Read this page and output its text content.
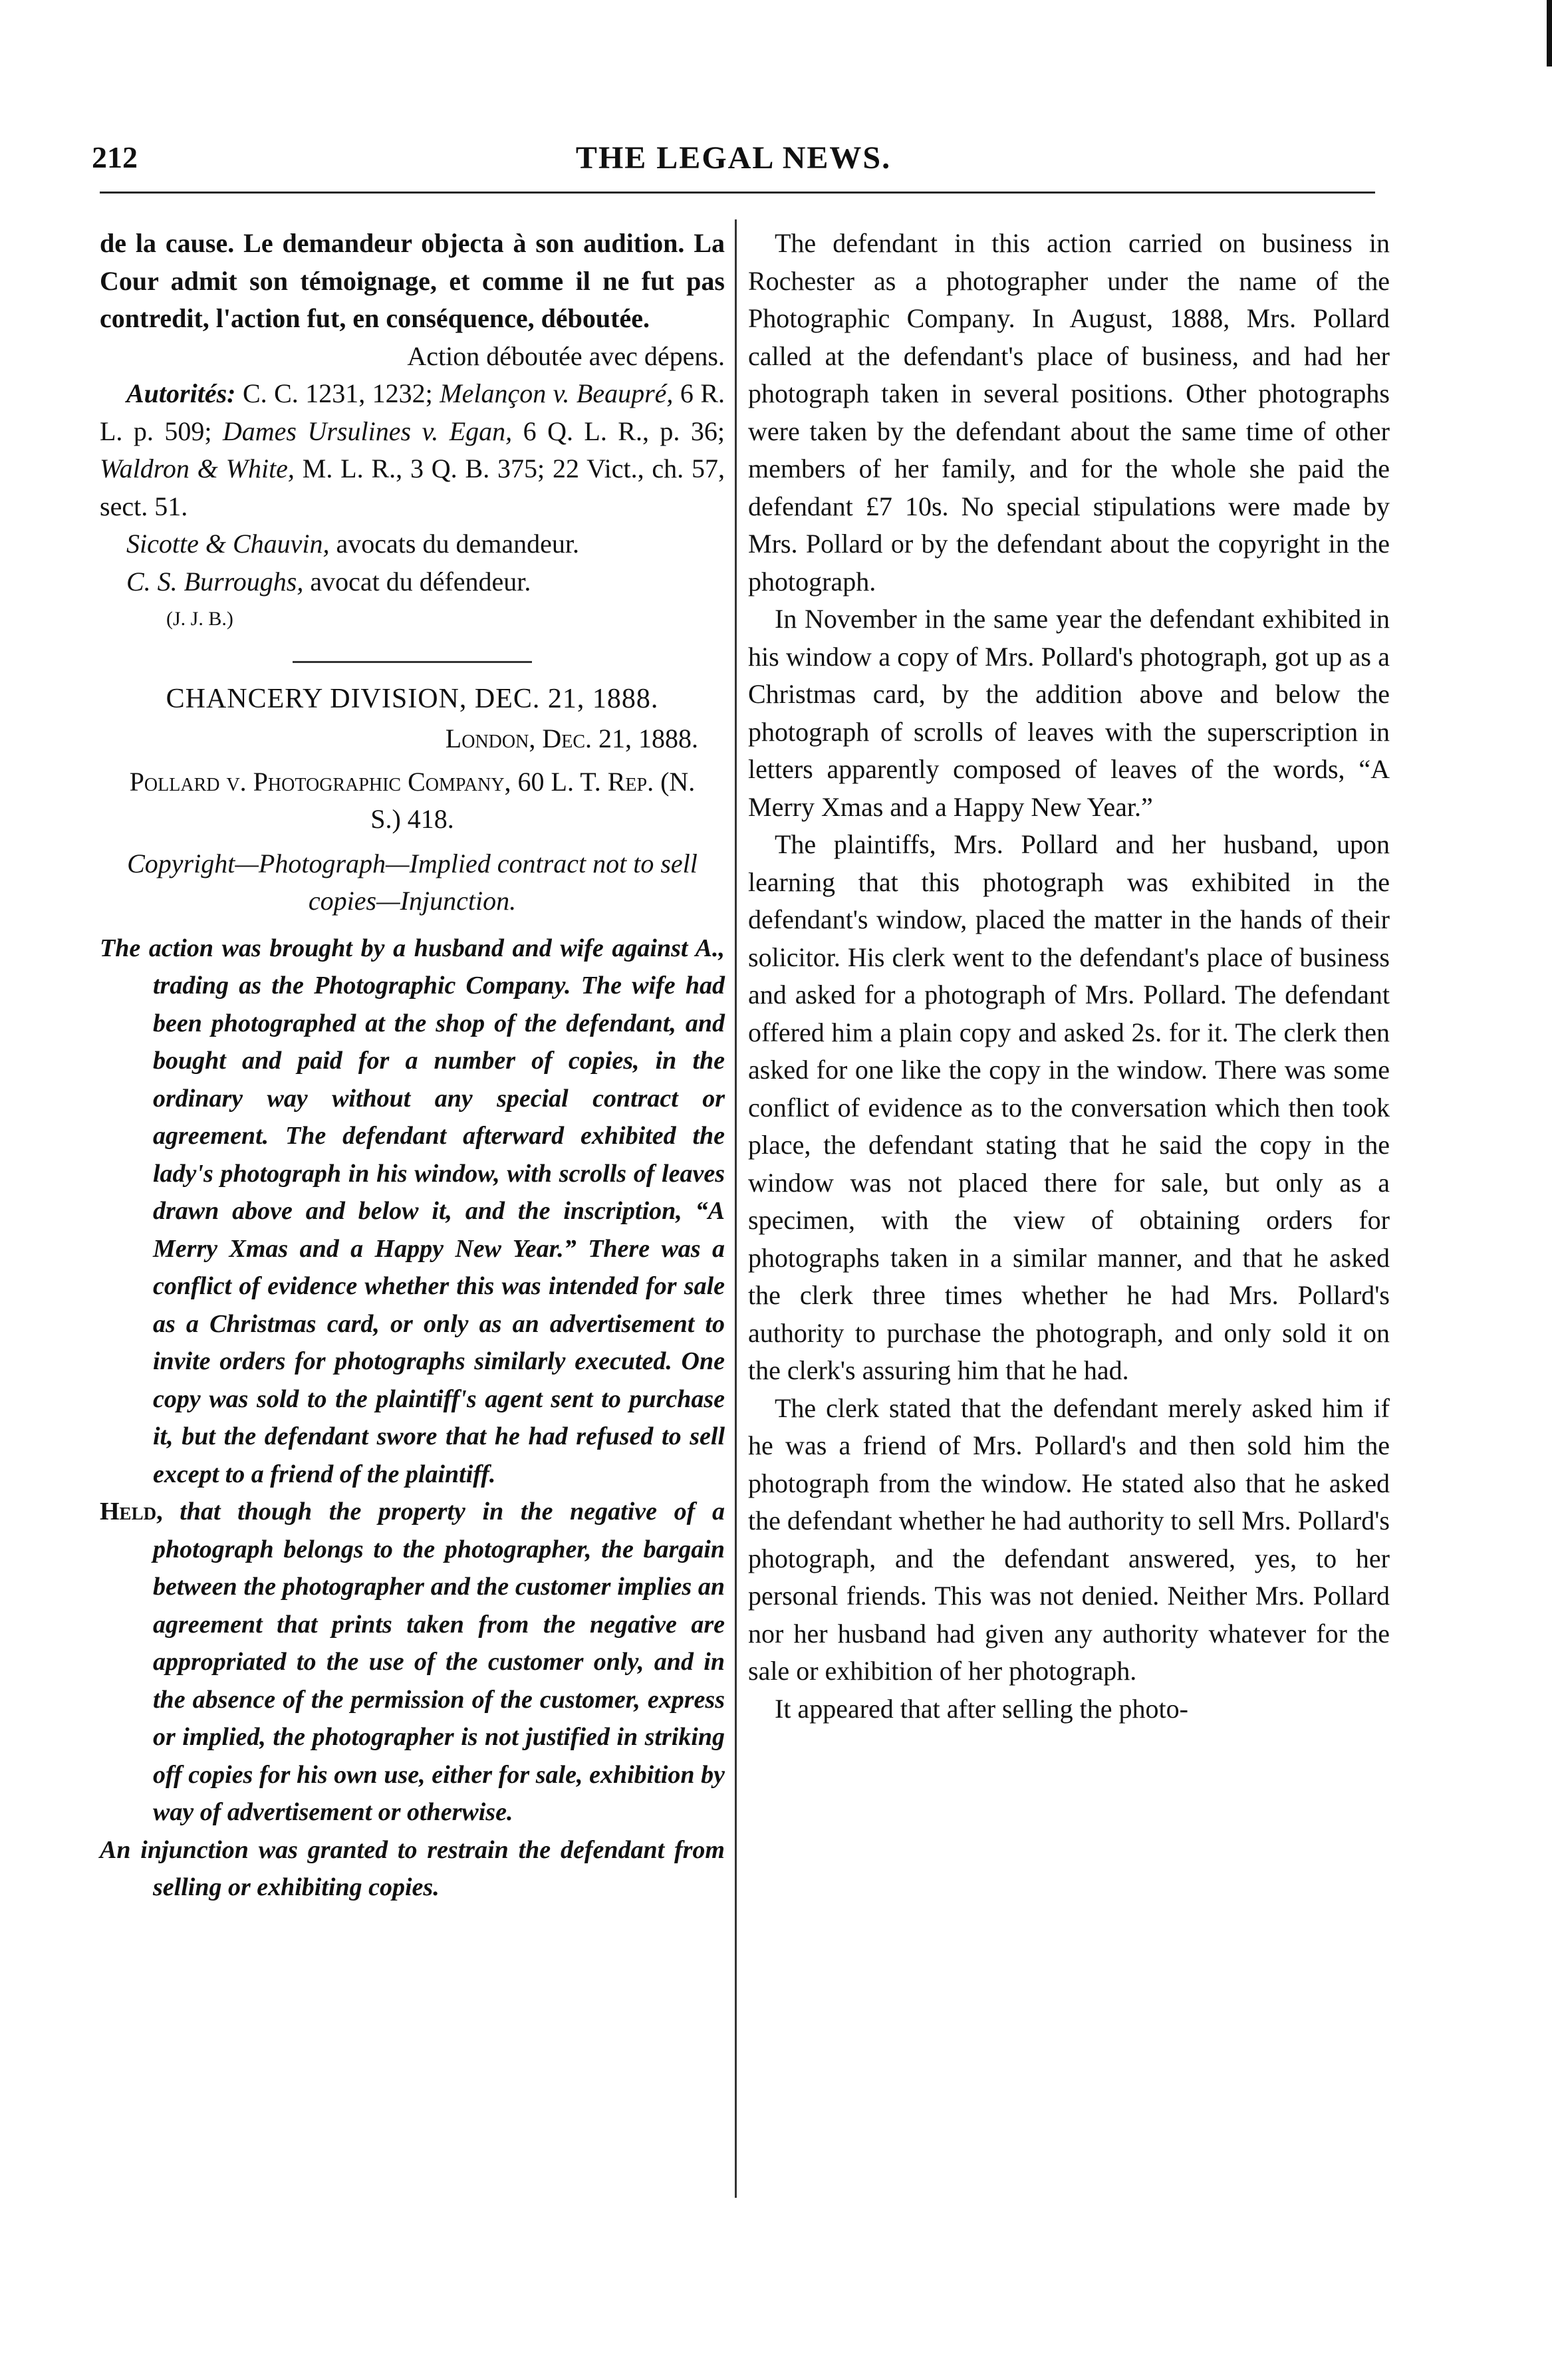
212	THE LEGAL NEWS.

de la cause. Le demandeur objecta à son audition. La Cour admit son témoignage, et comme il ne fut pas contredit, l'action fut, en conséquence, déboutée.

Action déboutée avec dépens.

Autorités: C. C. 1231, 1232; Melançon v. Beaupré, 6 R. L. p. 509; Dames Ursulines v. Egan, 6 Q. L. R., p. 36; Waldron & White, M. L. R., 3 Q. B. 375; 22 Vict., ch. 57, sect. 51.

Sicotte & Chauvin, avocats du demandeur.

C. S. Burroughs, avocat du défendeur.

(J. J. B.)

CHANCERY DIVISION, DEC. 21, 1888.

London, Dec. 21, 1888.

Pollard v. Photographic Company, 60 L. T. Rep. (N. S.) 418.

Copyright—Photograph—Implied contract not to sell copies—Injunction.

The action was brought by a husband and wife against A., trading as the Photographic Company. The wife had been photographed at the shop of the defendant, and bought and paid for a number of copies, in the ordinary way without any special contract or agreement. The defendant afterward exhibited the lady's photograph in his window, with scrolls of leaves drawn above and below it, and the inscription, “A Merry Xmas and a Happy New Year.” There was a conflict of evidence whether this was intended for sale as a Christmas card, or only as an advertisement to invite orders for photographs similarly executed. One copy was sold to the plaintiff's agent sent to purchase it, but the defendant swore that he had refused to sell except to a friend of the plaintiff.

Held, that though the property in the negative of a photograph belongs to the photographer, the bargain between the photographer and the customer implies an agreement that prints taken from the negative are appropriated to the use of the customer only, and in the absence of the permission of the customer, express or implied, the photographer is not justified in striking off copies for his own use, either for sale, exhibition by way of advertisement or otherwise.

An injunction was granted to restrain the defendant from selling or exhibiting copies.

The defendant in this action carried on business in Rochester as a photographer under the name of the Photographic Company. In August, 1888, Mrs. Pollard called at the defendant's place of business, and had her photograph taken in several positions. Other photographs were taken by the defendant about the same time of other members of her family, and for the whole she paid the defendant £7 10s. No special stipulations were made by Mrs. Pollard or by the defendant about the copyright in the photograph.

In November in the same year the defendant exhibited in his window a copy of Mrs. Pollard's photograph, got up as a Christmas card, by the addition above and below the photograph of scrolls of leaves with the superscription in letters apparently composed of leaves of the words, “A Merry Xmas and a Happy New Year.”

The plaintiffs, Mrs. Pollard and her husband, upon learning that this photograph was exhibited in the defendant's window, placed the matter in the hands of their solicitor. His clerk went to the defendant's place of business and asked for a photograph of Mrs. Pollard. The defendant offered him a plain copy and asked 2s. for it. The clerk then asked for one like the copy in the window. There was some conflict of evidence as to the conversation which then took place, the defendant stating that he said the copy in the window was not placed there for sale, but only as a specimen, with the view of obtaining orders for photographs taken in a similar manner, and that he asked the clerk three times whether he had Mrs. Pollard's authority to purchase the photograph, and only sold it on the clerk's assuring him that he had.

The clerk stated that the defendant merely asked him if he was a friend of Mrs. Pollard's and then sold him the photograph from the window. He stated also that he asked the defendant whether he had authority to sell Mrs. Pollard's photograph, and the defendant answered, yes, to her personal friends. This was not denied. Neither Mrs. Pollard nor her husband had given any authority whatever for the sale or exhibition of her photograph.

It appeared that after selling the photo-
